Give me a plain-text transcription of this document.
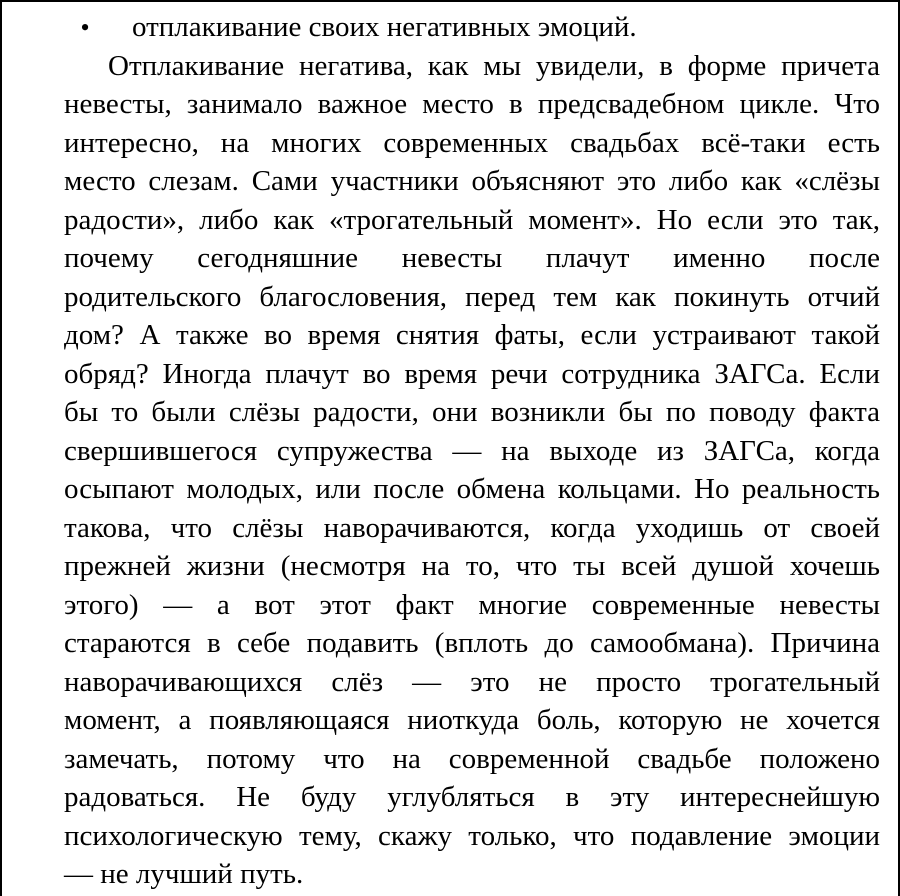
•	отплакивание своих негативных эмоций.
Отплакивание негатива, как мы увидели, в форме причета
невесты, занимало важное место в предсвадебном цикле. Что
интересно, на многих современных свадьбах всё-таки есть
место слезам. Сами участники объясняют это либо как «слёзы
радости», либо как «трогательный момент». Но если это так,
почему сегодняшние невесты плачут именно после
родительского благословения, перед тем как покинуть отчий
дом? А также во время снятия фаты, если устраивают такой
обряд? Иногда плачут во время речи сотрудника ЗАГСа. Если
бы то были слёзы радости, они возникли бы по поводу факта
свершившегося супружества — на выходе из ЗАГСа, когда
осыпают молодых, или после обмена кольцами. Но реальность
такова, что слёзы наворачиваются, когда уходишь от своей
прежней жизни (несмотря на то, что ты всей душой хочешь
этого) — а вот этот факт многие современные невесты
стараются в себе подавить (вплоть до самообмана). Причина
наворачивающихся слёз — это не просто трогательный
момент, а появляющаяся ниоткуда боль, которую не хочется
замечать, потому что на современной свадьбе положено
радоваться. Не буду углубляться в эту интереснейшую
психологическую тему, скажу только, что подавление эмоции
— не лучший путь.
